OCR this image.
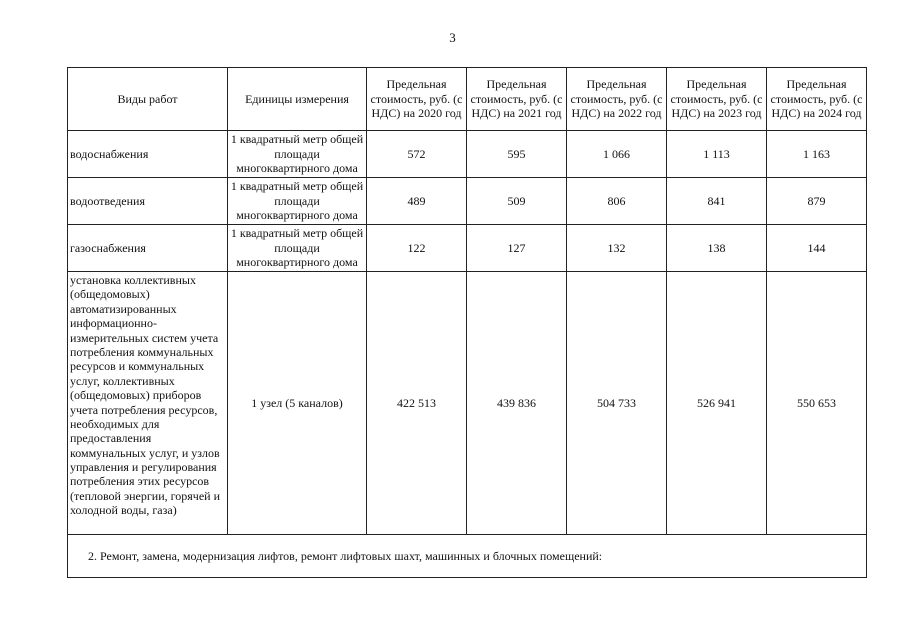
3
Виды работ	Единицы измерения	Предельная стоимость, руб. (с НДС) на 2020 год	Предельная стоимость, руб. (с НДС) на 2021 год	Предельная стоимость, руб. (с НДС) на 2022 год	Предельная стоимость, руб. (с НДС) на 2023 год	Предельная стоимость, руб. (с НДС) на 2024 год
водоснабжения	1 квадратный метр общей площади многоквартирного дома	572	595	1 066	1 113	1 163
водоотведения	1 квадратный метр общей площади многоквартирного дома	489	509	806	841	879
газоснабжения	1 квадратный метр общей площади многоквартирного дома	122	127	132	138	144
установка коллективных (общедомовых) автоматизированных информационно-измерительных систем учета потребления коммунальных ресурсов и коммунальных услуг, коллективных (общедомовых) приборов учета потребления ресурсов, необходимых для предоставления коммунальных услуг, и узлов управления и регулирования потребления этих ресурсов (тепловой энергии, горячей и холодной воды, газа)	1 узел (5 каналов)	422 513	439 836	504 733	526 941	550 653
2. Ремонт, замена, модернизация лифтов, ремонт лифтовых шахт, машинных и блочных помещений:						
